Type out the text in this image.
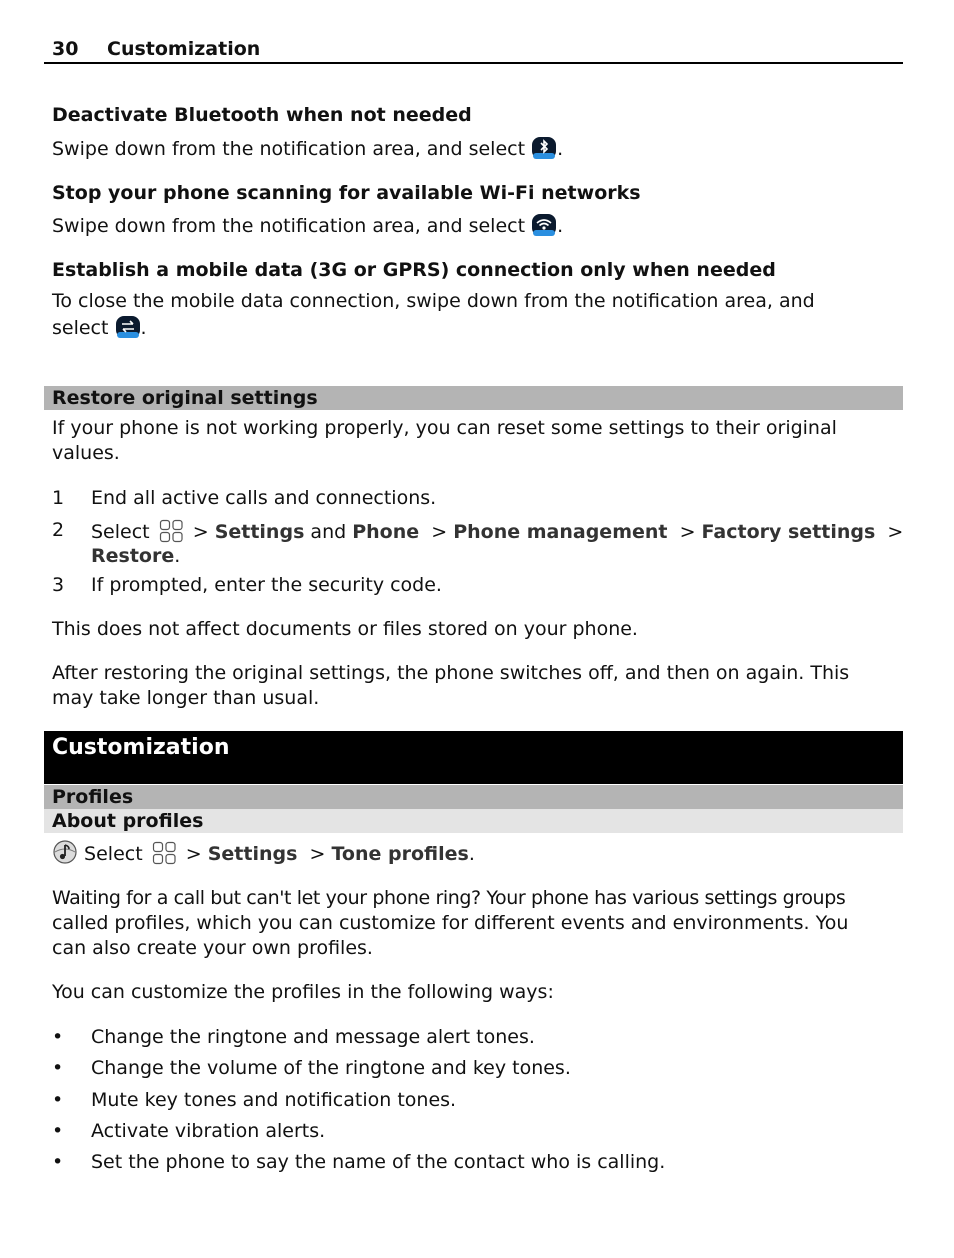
30 Customization
Deactivate Bluetooth when not needed
Swipe down from the notification area, and select .
Stop your phone scanning for available Wi-Fi networks
Swipe down from the notification area, and select .
Establish a mobile data (3G or GPRS) connection only when needed
To close the mobile data connection, swipe down from the notification area, and
select .
Restore original settings
If your phone is not working properly, you can reset some settings to their original
values.
1 End all active calls and connections.
2 Select > Settings and Phone > Phone management > Factory settings >
Restore.
3 If prompted, enter the security code.
This does not affect documents or files stored on your phone.
After restoring the original settings, the phone switches off, and then on again. This
may take longer than usual.
Customization
Profiles
About profiles
Select > Settings > Tone profiles.
Waiting for a call but can't let your phone ring? Your phone has various settings groups
called profiles, which you can customize for different events and environments. You
can also create your own profiles.
You can customize the profiles in the following ways:
• Change the ringtone and message alert tones.
• Change the volume of the ringtone and key tones.
• Mute key tones and notification tones.
• Activate vibration alerts.
• Set the phone to say the name of the contact who is calling.
